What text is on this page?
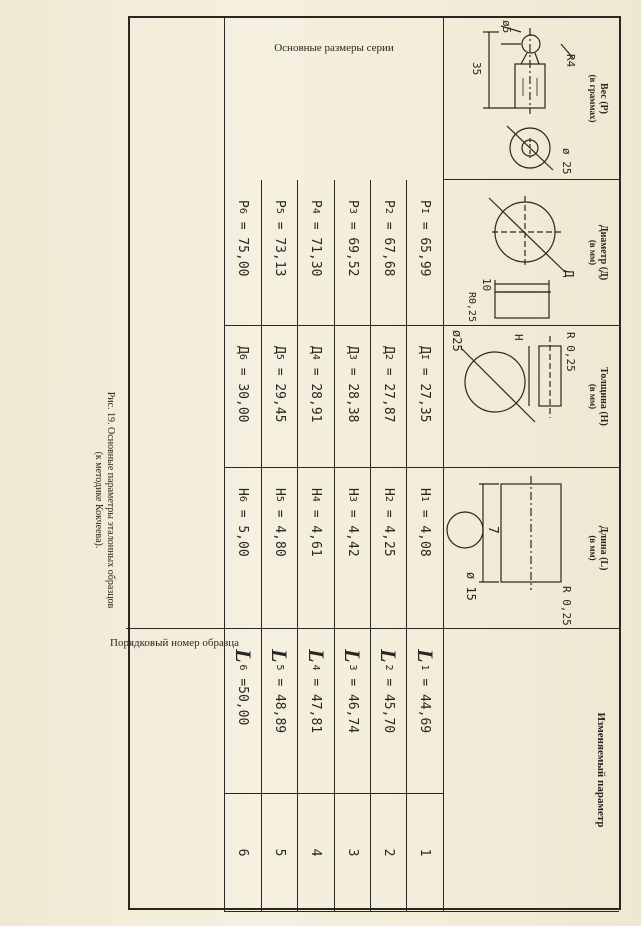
Вес (Р)
(в граммах)
R4
ø 25
ø5
35
Диаметр (Д)
(в мм)
Д
R0,25
10
Толщина (Н)
(в мм)
R 0,25
H
ø25
Длина (L)
(в мм)
R 0,25
ø 15
7
Изменяемый параметр
P
I

= 65,99
Д
I

= 27,35
H
1

= 4,08
L
1

= 44,69
1
Основные размеры серии
P
2

= 67,68
Д
2

= 27,87
H
2

= 4,25
L
2

= 45,70
2
P
3

= 69,52
Д
3

= 28,38
H
3

= 4,42
L
3

= 46,74
3
P
4

= 71,30
Д
4

= 28,91
H
4

= 4,61
L
4

= 47,81
4
P
5

= 73,13
Д
5

= 29,45
H
5

= 4,80
L
5

= 48,89
5
P
6

= 75,00
Д
6

= 30,00
H
6

= 5,00
L
6

=50,00
6
Порядковый номер образца
Рис. 19. Основные параметры эталонных образцов
(к методике Кокчеева).
